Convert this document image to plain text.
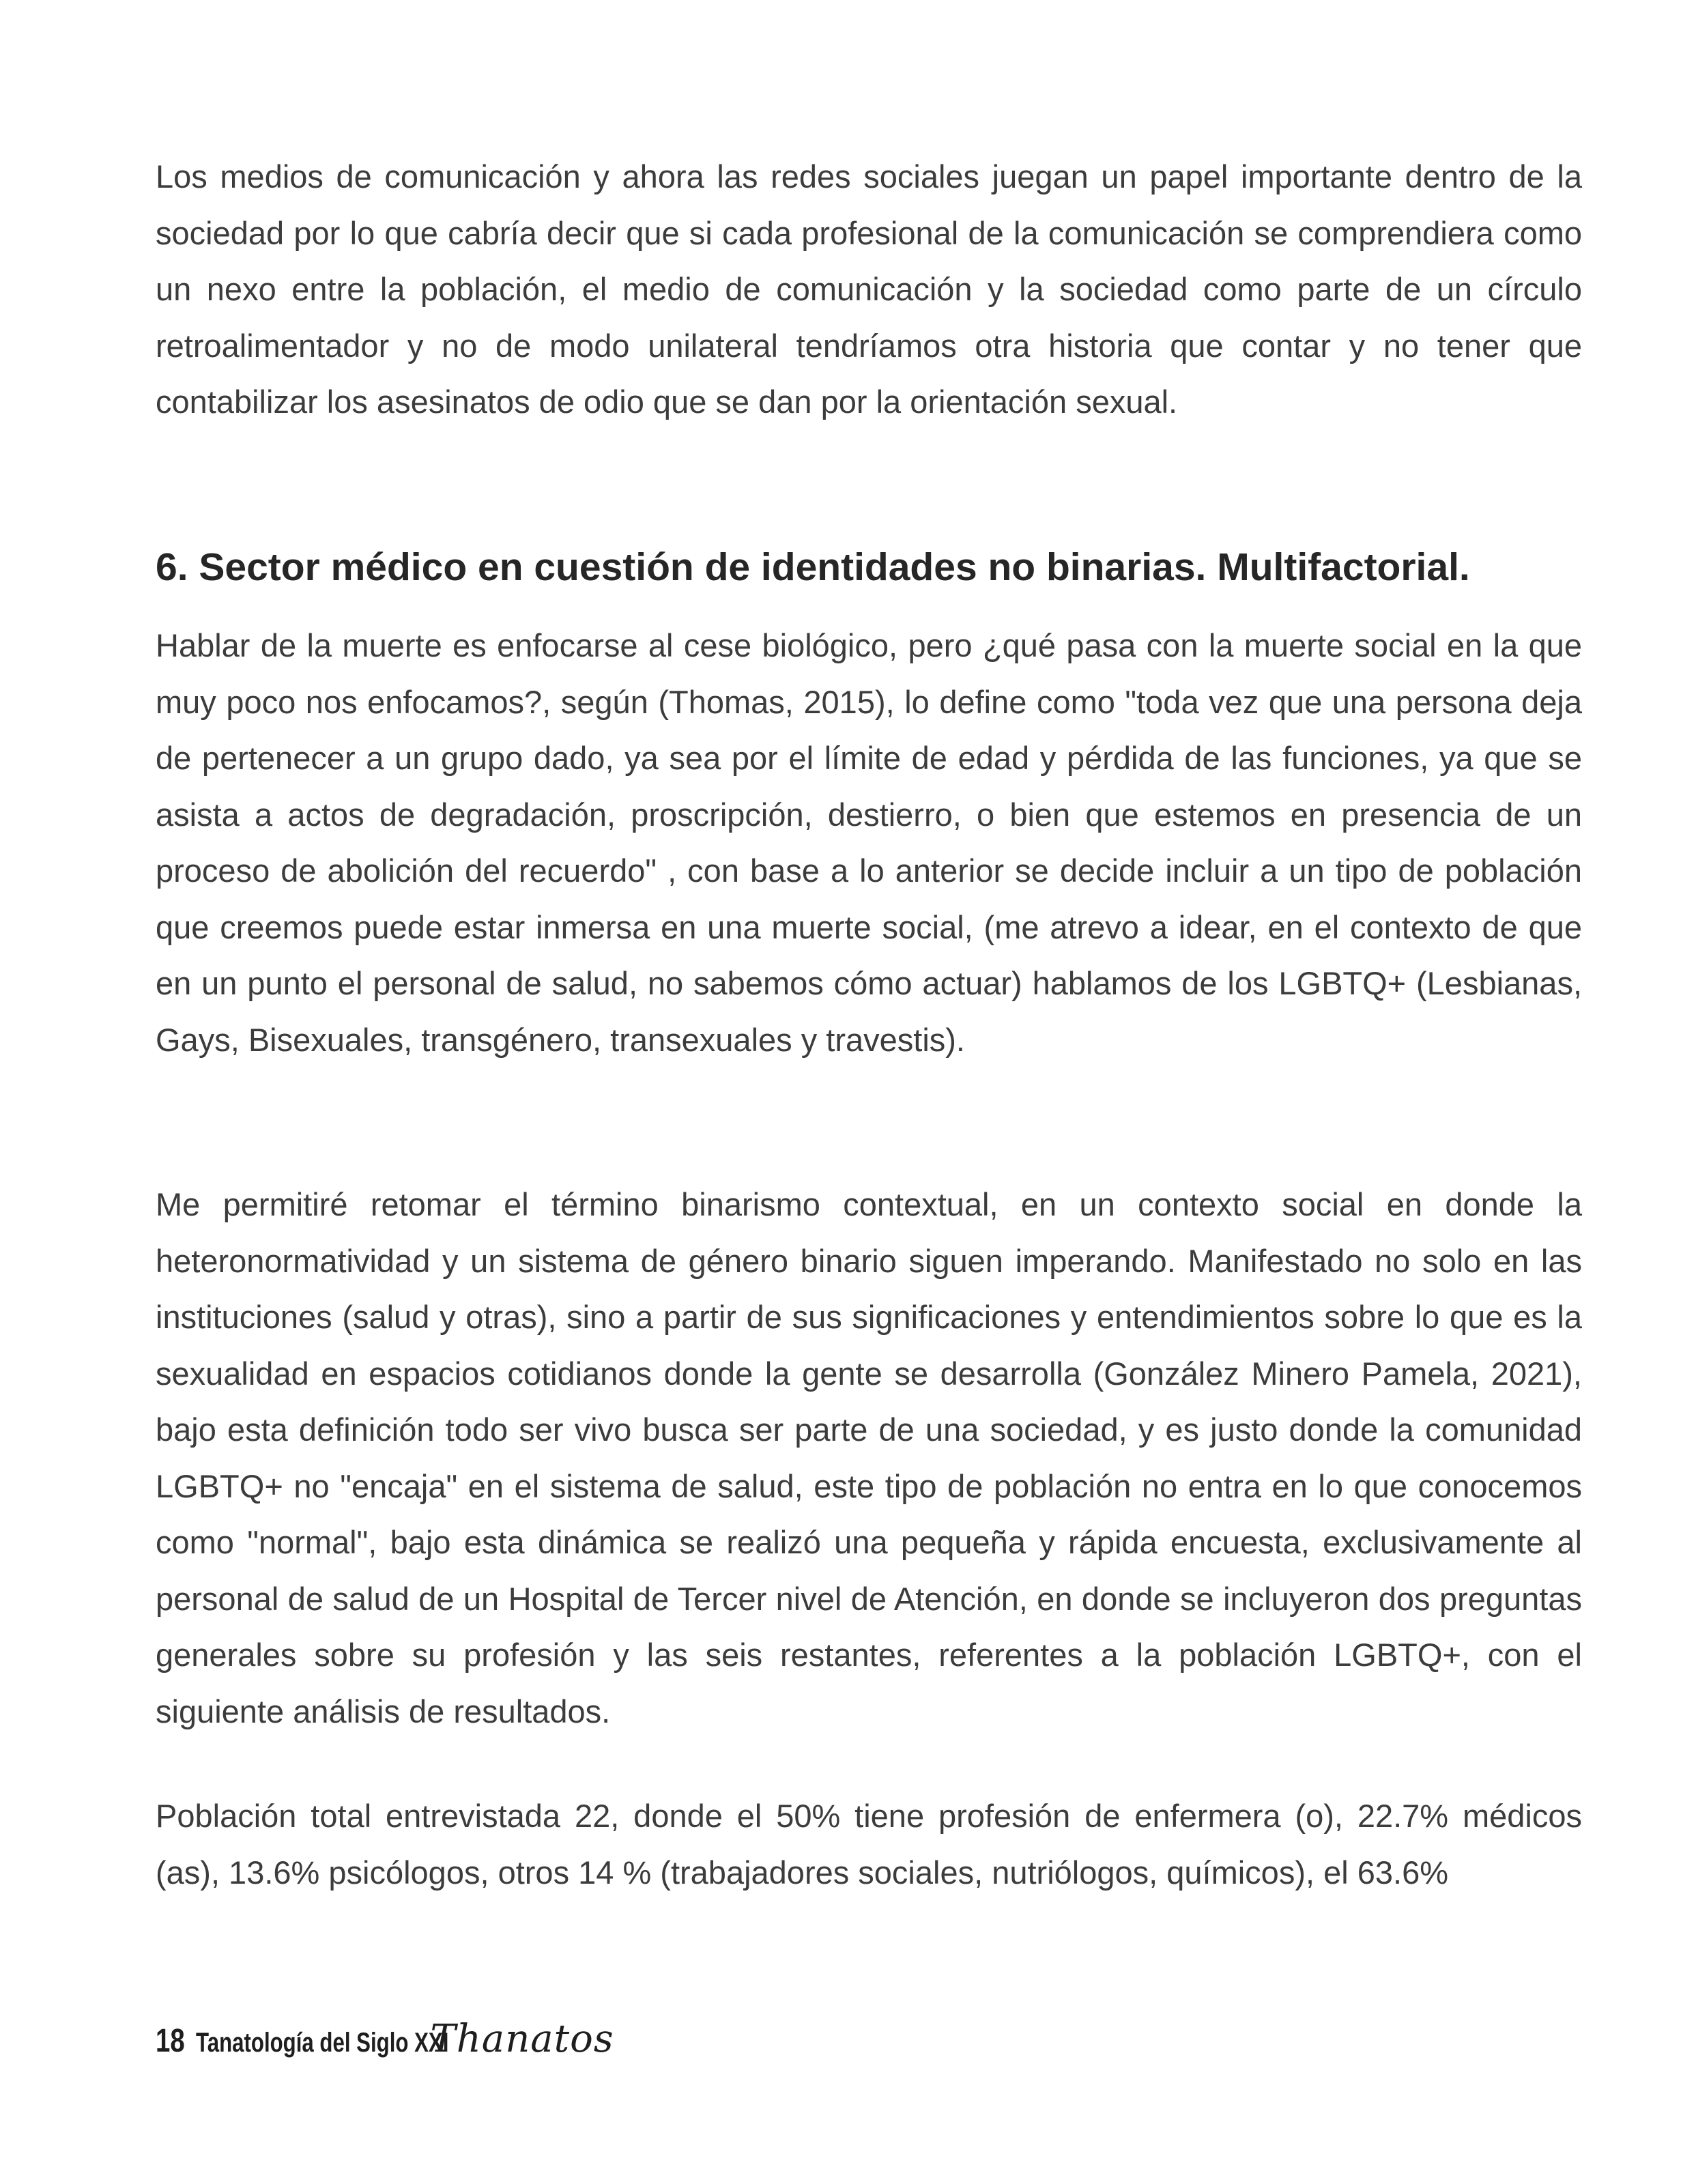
Los medios de comunicación y ahora las redes sociales juegan un papel importante dentro de la sociedad por lo que cabría decir que si cada profesional de la comunicación se comprendiera como un nexo entre la población, el medio de comunicación y la sociedad como parte de un círculo retroalimentador y no de modo unilateral tendríamos otra historia que contar y no tener que contabilizar los asesinatos de odio que se dan por la orientación sexual.

6. Sector médico en cuestión de identidades no binarias. Multifactorial.

Hablar de la muerte es enfocarse al cese biológico, pero ¿qué pasa con la muerte social en la que muy poco nos enfocamos?, según (Thomas, 2015), lo define como "toda vez que una persona deja de pertenecer a un grupo dado, ya sea por el límite de edad y pérdida de las funciones, ya que se asista a actos de degradación, proscripción, destierro, o bien que estemos en presencia de un proceso de abolición del recuerdo" , con base a lo anterior se decide incluir a un tipo de población que creemos puede estar inmersa en una muerte social, (me atrevo a idear, en el contexto de que en un punto el personal de salud, no sabemos cómo actuar) hablamos de los LGBTQ+ (Lesbianas, Gays, Bisexuales, transgénero, transexuales y travestis).

Me permitiré retomar el término binarismo contextual, en un contexto social en donde la heteronormatividad y un sistema de género binario siguen imperando. Manifestado no solo en las instituciones (salud y otras), sino a partir de sus significaciones y entendimientos sobre lo que es la sexualidad en espacios cotidianos donde la gente se desarrolla (González Minero Pamela, 2021), bajo esta definición todo ser vivo busca ser parte de una sociedad, y es justo donde la comunidad LGBTQ+ no "encaja" en el sistema de salud, este tipo de población no entra en lo que conocemos como "normal", bajo esta dinámica se realizó una pequeña y rápida encuesta, exclusivamente al personal de salud de un Hospital de Tercer nivel de Atención, en donde se incluyeron dos preguntas generales sobre su profesión y las seis restantes, referentes a la población LGBTQ+, con el siguiente análisis de resultados.

Población total entrevistada 22, donde el 50% tiene profesión de enfermera (o), 22.7% médicos (as), 13.6% psicólogos, otros 14 % (trabajadores sociales, nutriólogos, químicos), el 63.6%

18 Tanatología del Siglo XXI
Thanatos
